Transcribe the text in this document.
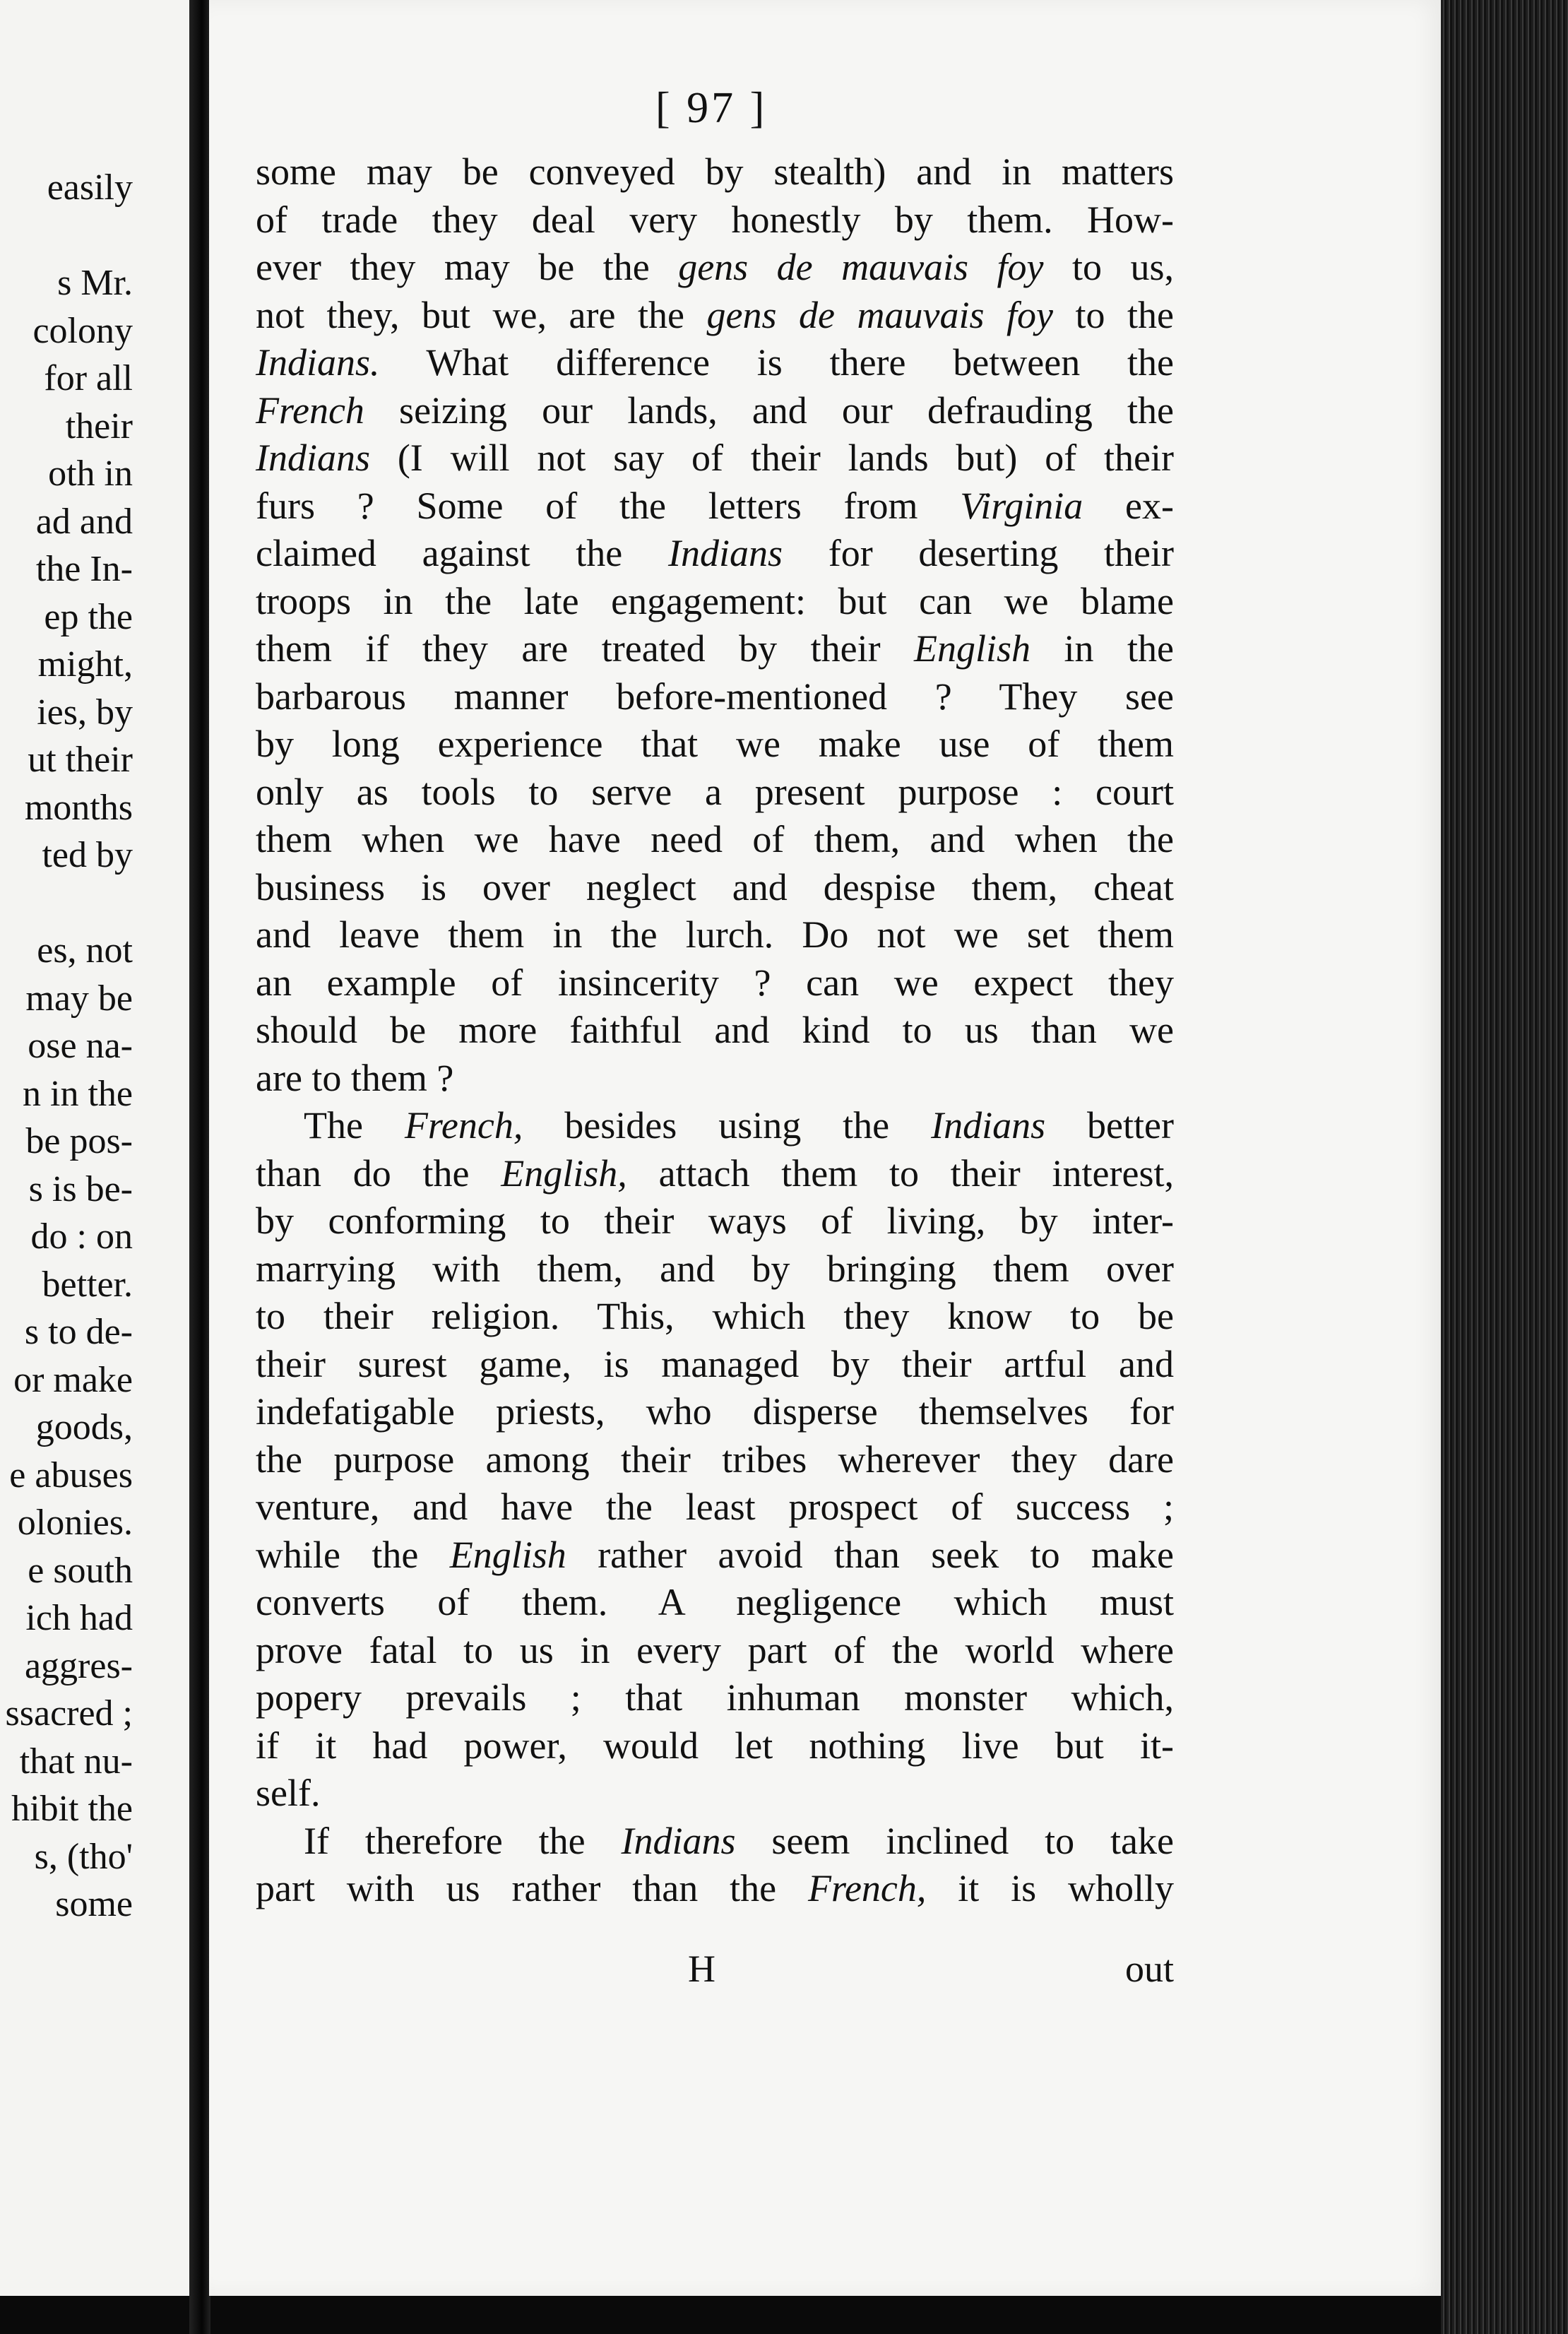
easily
s Mr.
colony
for all
their
oth in
ad and
the In-
ep the
might,
ies, by
ut their
months
ted by
es, not
may be
ose na-
n in the
be pos-
s is be-
do : on
better.
s to de-
or make
goods,
e abuses
olonies.
e south
ich had
aggres-
ssacred ;
that nu-
hibit the
s, (tho'
some
[ 97 ]
some may be conveyed by stealth) and in matters
of trade they deal very honestly by them. How-
ever they may be the gens de mauvais foy to us,
not they, but we, are the gens de mauvais foy to the
Indians. What difference is there between the
French seizing our lands, and our defrauding the
Indians (I will not say of their lands but) of their
furs ? Some of the letters from Virginia ex-
claimed against the Indians for deserting their
troops in the late engagement: but can we blame
them if they are treated by their English in the
barbarous manner before-mentioned ? They see
by long experience that we make use of them
only as tools to serve a present purpose : court
them when we have need of them, and when the
business is over neglect and despise them, cheat
and leave them in the lurch. Do not we set them
an example of insincerity ? can we expect they
should be more faithful and kind to us than we
are to them ?
The French, besides using the Indians better
than do the English, attach them to their interest,
by conforming to their ways of living, by inter-
marrying with them, and by bringing them over
to their religion. This, which they know to be
their surest game, is managed by their artful and
indefatigable priests, who disperse themselves for
the purpose among their tribes wherever they dare
venture, and have the least prospect of success ;
while the English rather avoid than seek to make
converts of them. A negligence which must
prove fatal to us in every part of the world where
popery prevails ; that inhuman monster which,
if it had power, would let nothing live but it-
self.
If therefore the Indians seem inclined to take
part with us rather than the French, it is wholly
H	out
